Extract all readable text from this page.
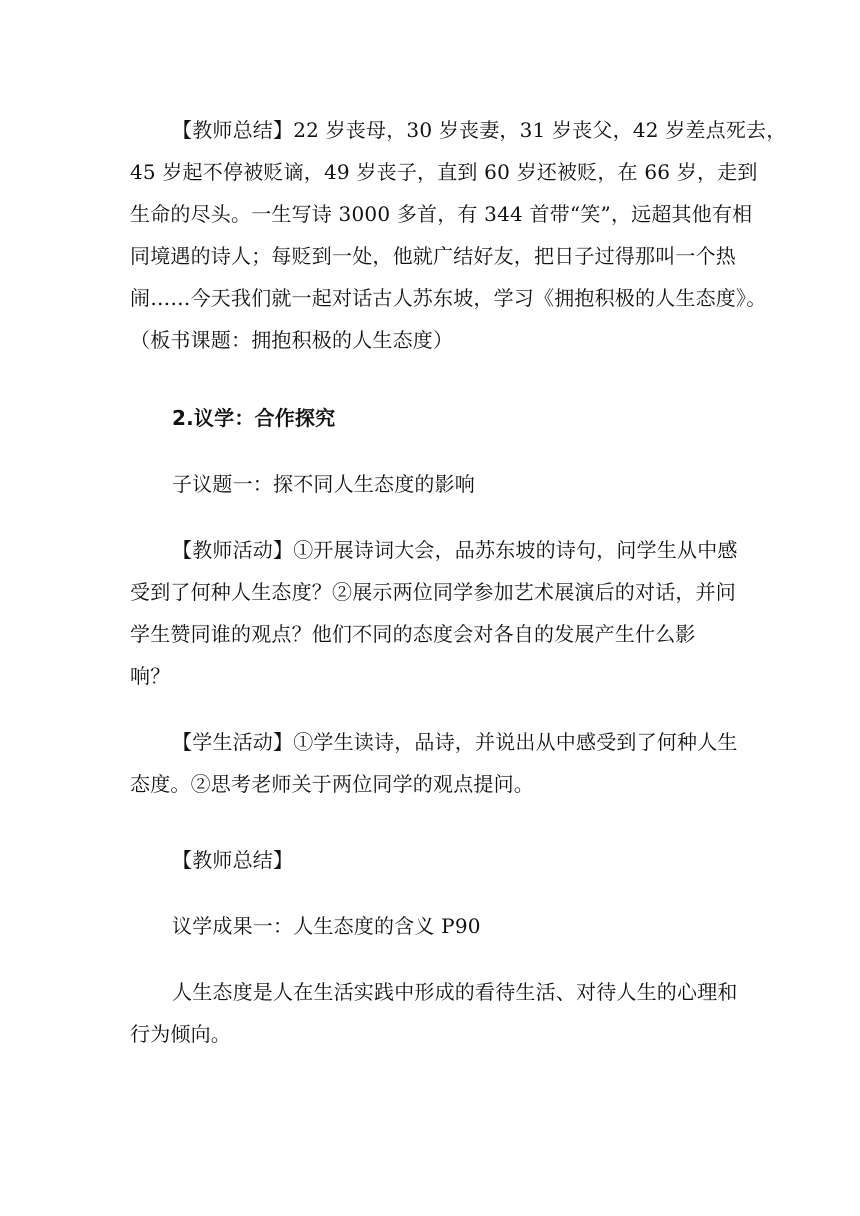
【教师总结】22 岁丧母，30 岁丧妻，31 岁丧父，42 岁差点死去，
45 岁起不停被贬谪，49 岁丧子，直到 60 岁还被贬，在 66 岁，走到
生命的尽头。一生写诗 3000 多首，有 344 首带“笑”，远超其他有相
同境遇的诗人；每贬到一处，他就广结好友，把日子过得那叫一个热
闹……今天我们就一起对话古人苏东坡，学习《拥抱积极的人生态度》。
（板书课题：拥抱积极的人生态度）
2.议学：合作探究
子议题一：探不同人生态度的影响
【教师活动】①开展诗词大会，品苏东坡的诗句，问学生从中感
受到了何种人生态度？②展示两位同学参加艺术展演后的对话，并问
学生赞同谁的观点？他们不同的态度会对各自的发展产生什么影
响？
【学生活动】①学生读诗，品诗，并说出从中感受到了何种人生
态度。②思考老师关于两位同学的观点提问。
【教师总结】
议学成果一：人生态度的含义 P90
人生态度是人在生活实践中形成的看待生活、对待人生的心理和
行为倾向。
